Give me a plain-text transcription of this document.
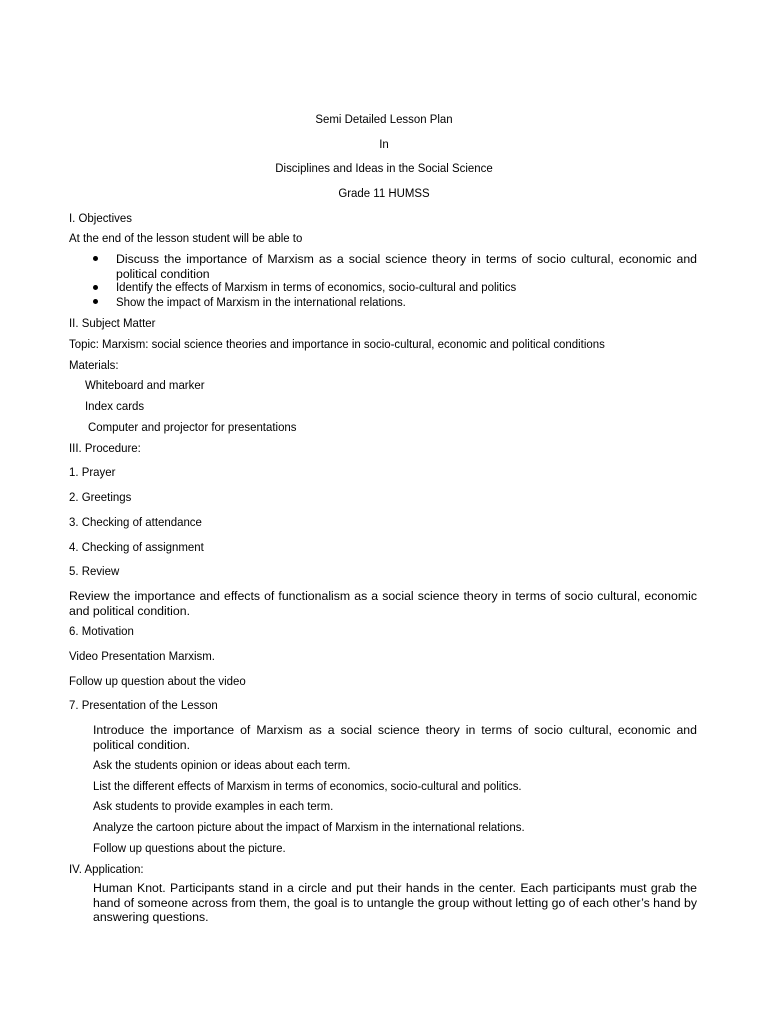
Semi Detailed Lesson Plan
In
Disciplines and Ideas in the Social Science
Grade 11 HUMSS
I. Objectives
At the end of the lesson student will be able to
Discuss the importance of Marxism as a social science theory in terms of socio cultural, economic and political condition
Identify the effects of Marxism in terms of economics, socio-cultural and politics
Show the impact of Marxism in the international relations.
II. Subject Matter
Topic: Marxism: social science theories and importance in socio-cultural, economic and political conditions
Materials:
Whiteboard and marker
Index cards
Computer and projector for presentations
III. Procedure:
1. Prayer
2. Greetings
3. Checking of attendance
4. Checking of assignment
5. Review
Review the importance and effects of functionalism as a social science theory in terms of socio cultural, economic and political condition.
6. Motivation
Video Presentation Marxism.
Follow up question about the video
7. Presentation of the Lesson
Introduce the importance of Marxism as a social science theory in terms of socio cultural, economic and political condition.
Ask the students opinion or ideas about each term.
List the different effects of Marxism in terms of economics, socio-cultural and politics.
Ask students to provide examples in each term.
Analyze the cartoon picture about the impact of Marxism in the international relations.
Follow up questions about the picture.
IV. Application:
Human Knot. Participants stand in a circle and put their hands in the center. Each participants must grab the hand of someone across from them, the goal is to untangle the group without letting go of each other’s hand by answering questions.
